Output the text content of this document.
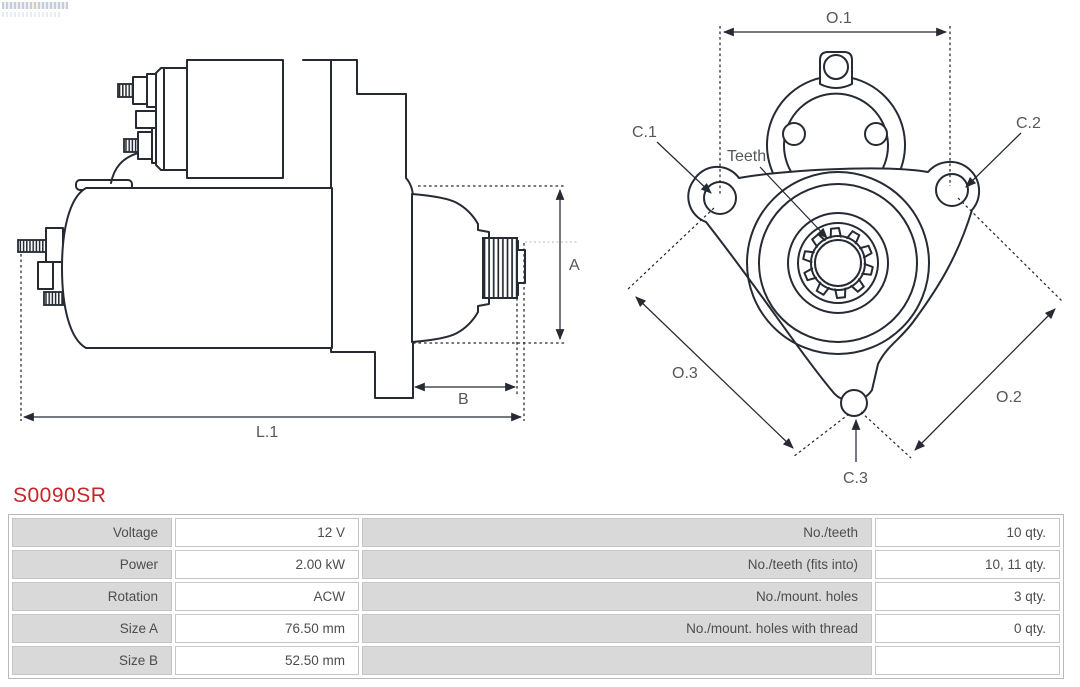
A
B
L.1
O.1
C.1
C.2
Teeth
O.3
O.2
C.3
S0090SR
Voltage	12 V	No./teeth	10 qty.
Power	2.00 kW	No./teeth (fits into)	10, 11 qty.
Rotation	ACW	No./mount. holes	3 qty.
Size A	76.50 mm	No./mount. holes with thread	0 qty.
Size B	52.50 mm
